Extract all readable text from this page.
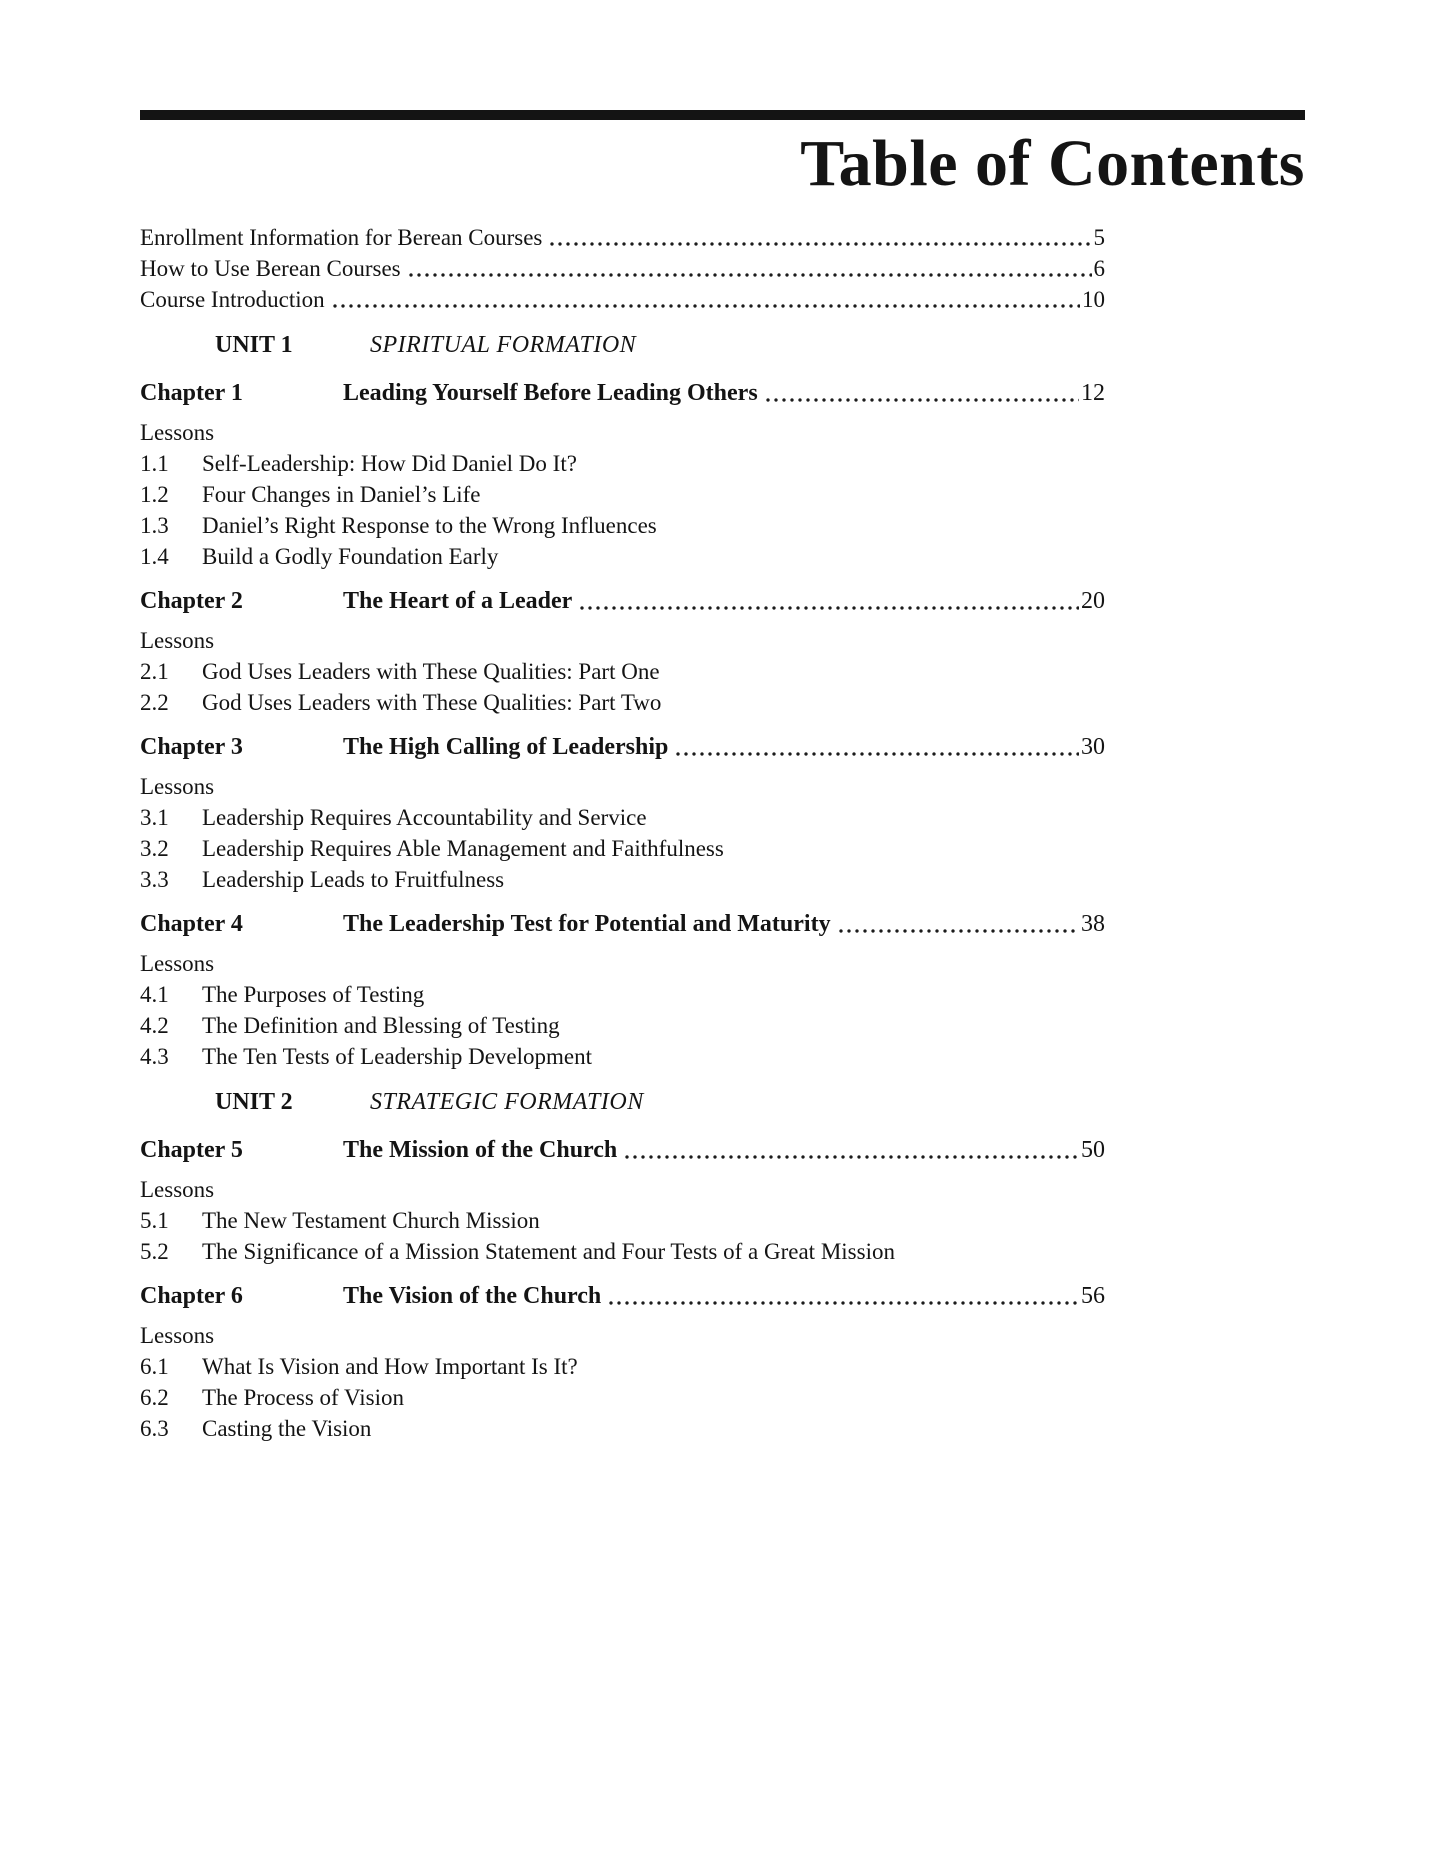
Table of Contents
Enrollment Information for Berean Courses	5
How to Use Berean Courses	6
Course Introduction	10
UNIT 1	SPIRITUAL FORMATION
Chapter 1	Leading Yourself Before Leading Others	12
Lessons
1.1	Self-Leadership: How Did Daniel Do It?
1.2	Four Changes in Daniel’s Life
1.3	Daniel’s Right Response to the Wrong Influences
1.4	Build a Godly Foundation Early
Chapter 2	The Heart of a Leader	20
Lessons
2.1	God Uses Leaders with These Qualities: Part One
2.2	God Uses Leaders with These Qualities: Part Two
Chapter 3	The High Calling of Leadership	30
Lessons
3.1	Leadership Requires Accountability and Service
3.2	Leadership Requires Able Management and Faithfulness
3.3	Leadership Leads to Fruitfulness
Chapter 4	The Leadership Test for Potential and Maturity	38
Lessons
4.1	The Purposes of Testing
4.2	The Definition and Blessing of Testing
4.3	The Ten Tests of Leadership Development
UNIT 2	STRATEGIC FORMATION
Chapter 5	The Mission of the Church	50
Lessons
5.1	The New Testament Church Mission
5.2	The Significance of a Mission Statement and Four Tests of a Great Mission
Chapter 6	The Vision of the Church	56
Lessons
6.1	What Is Vision and How Important Is It?
6.2	The Process of Vision
6.3	Casting the Vision
